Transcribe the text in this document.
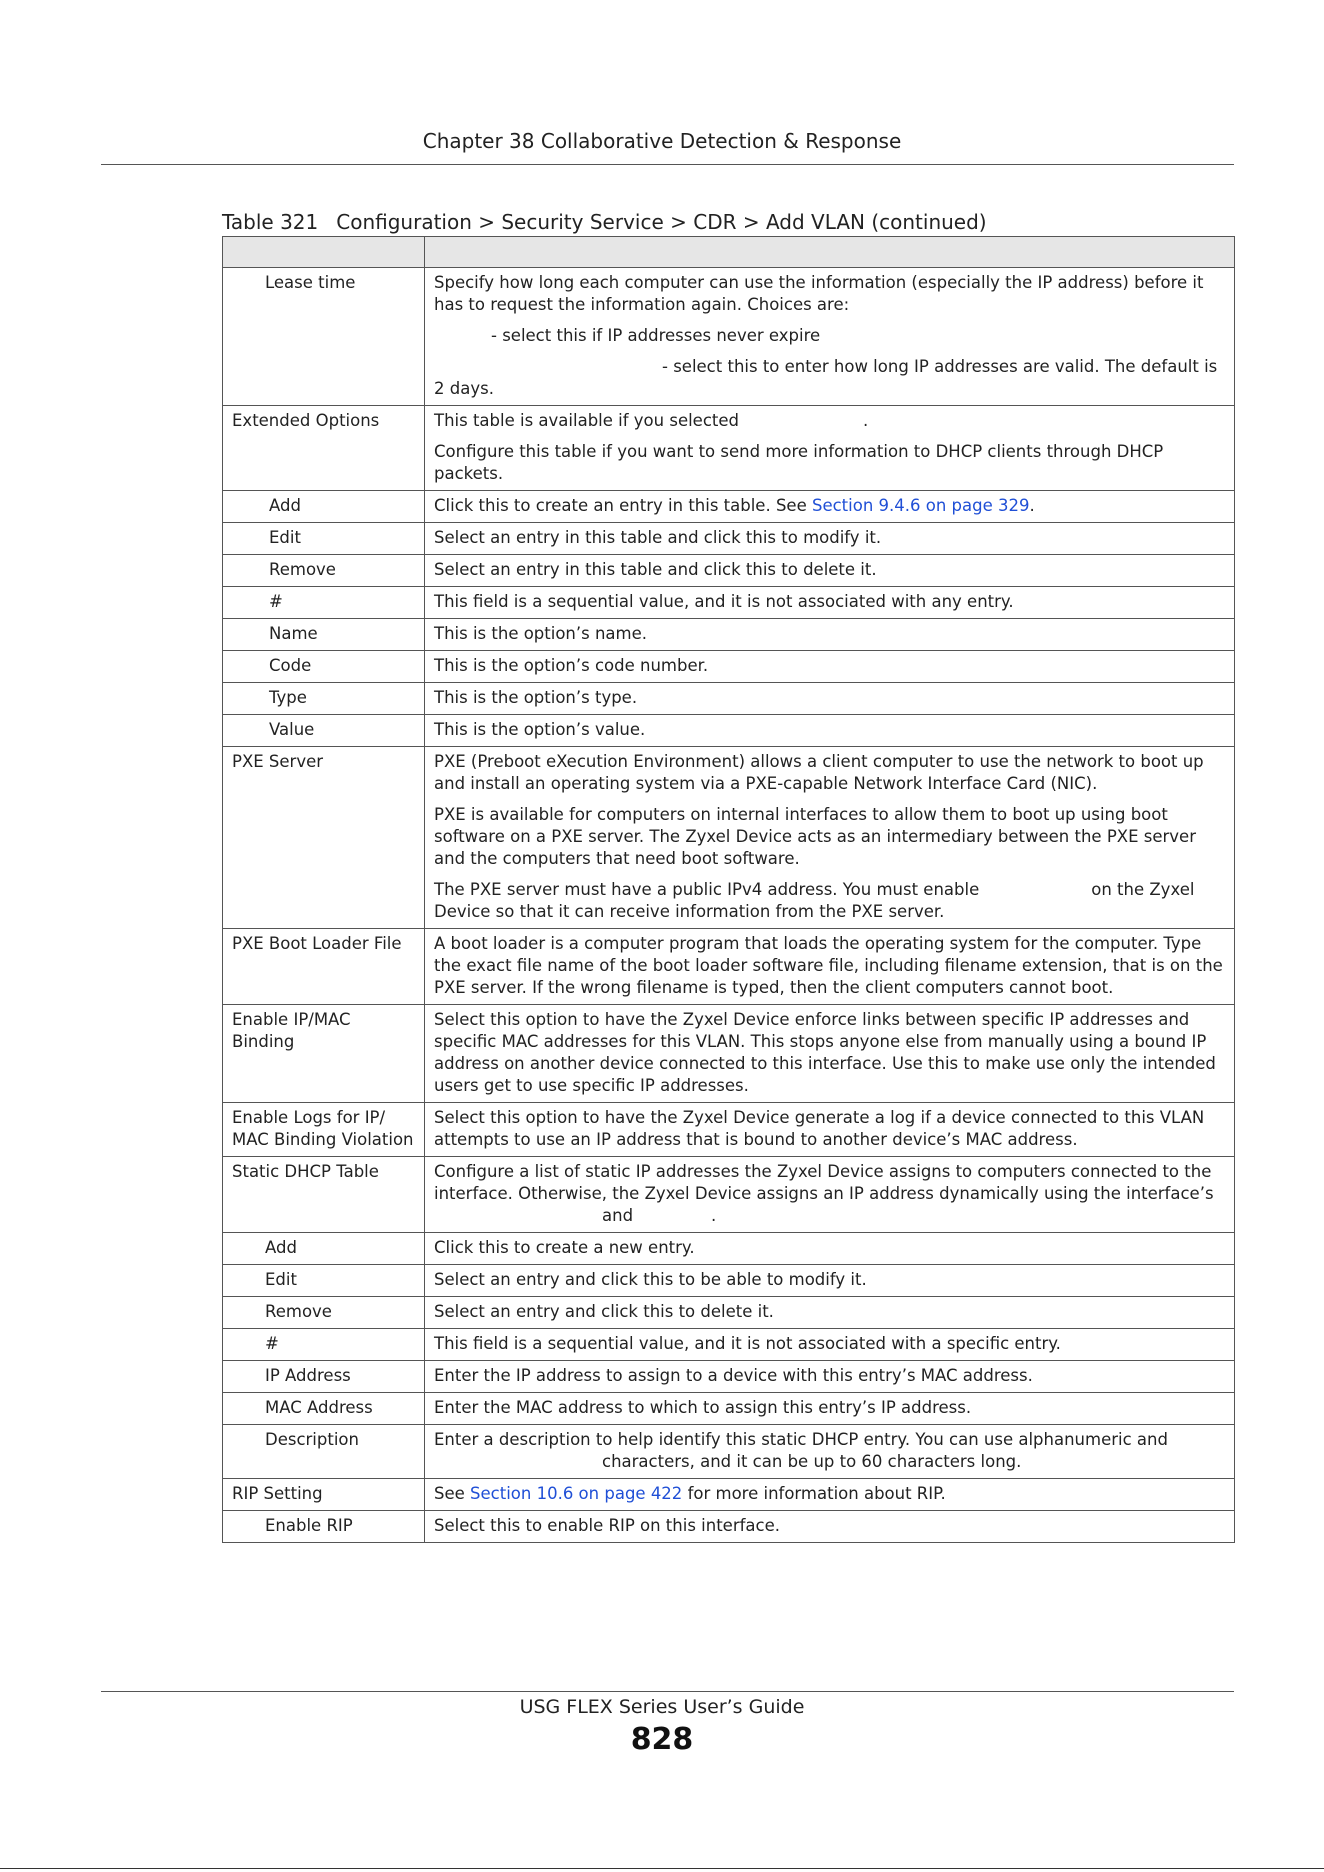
Chapter 38 Collaborative Detection & Response
Table 321 Configuration > Security Service > CDR > Add VLAN (continued)

Lease time	Specify how long each computer can use the information (especially the IP address) before it has to request the information again. Choices are:

- select this if IP addresses never expire

- select this to enter how long IP addresses are valid. The default is 2 days.

Extended Options	This table is available if you selected .

Configure this table if you want to send more information to DHCP clients through DHCP packets.

Add	Click this to create an entry in this table. See Section 9.4.6 on page 329.
Edit	Select an entry in this table and click this to modify it.
Remove	Select an entry in this table and click this to delete it.
#	This field is a sequential value, and it is not associated with any entry.
Name	This is the option’s name.
Code	This is the option’s code number.
Type	This is the option’s type.
Value	This is the option’s value.
PXE Server	PXE (Preboot eXecution Environment) allows a client computer to use the network to boot up and install an operating system via a PXE-capable Network Interface Card (NIC).

PXE is available for computers on internal interfaces to allow them to boot up using boot software on a PXE server. The Zyxel Device acts as an intermediary between the PXE server and the computers that need boot software.

The PXE server must have a public IPv4 address. You must enable on the Zyxel Device so that it can receive information from the PXE server.

PXE Boot Loader File	A boot loader is a computer program that loads the operating system for the computer. Type the exact file name of the boot loader software file, including filename extension, that is on the PXE server. If the wrong filename is typed, then the client computers cannot boot.
Enable IP/MAC Binding	Select this option to have the Zyxel Device enforce links between specific IP addresses and specific MAC addresses for this VLAN. This stops anyone else from manually using a bound IP address on another device connected to this interface. Use this to make use only the intended users get to use specific IP addresses.
Enable Logs for IP/ MAC Binding Violation	Select this option to have the Zyxel Device generate a log if a device connected to this VLAN attempts to use an IP address that is bound to another device’s MAC address.
Static DHCP Table	Configure a list of static IP addresses the Zyxel Device assigns to computers connected to the interface. Otherwise, the Zyxel Device assigns an IP address dynamically using the interface’sand .
Add	Click this to create a new entry.
Edit	Select an entry and click this to be able to modify it.
Remove	Select an entry and click this to delete it.
#	This field is a sequential value, and it is not associated with a specific entry.
IP Address	Enter the IP address to assign to a device with this entry’s MAC address.
MAC Address	Enter the MAC address to which to assign this entry’s IP address.
Description	Enter a description to help identify this static DHCP entry. You can use alphanumeric and
characters, and it can be up to 60 characters long.

RIP Setting	See Section 10.6 on page 422 for more information about RIP.
Enable RIP	Select this to enable RIP on this interface.
USG FLEX Series User’s Guide
828
